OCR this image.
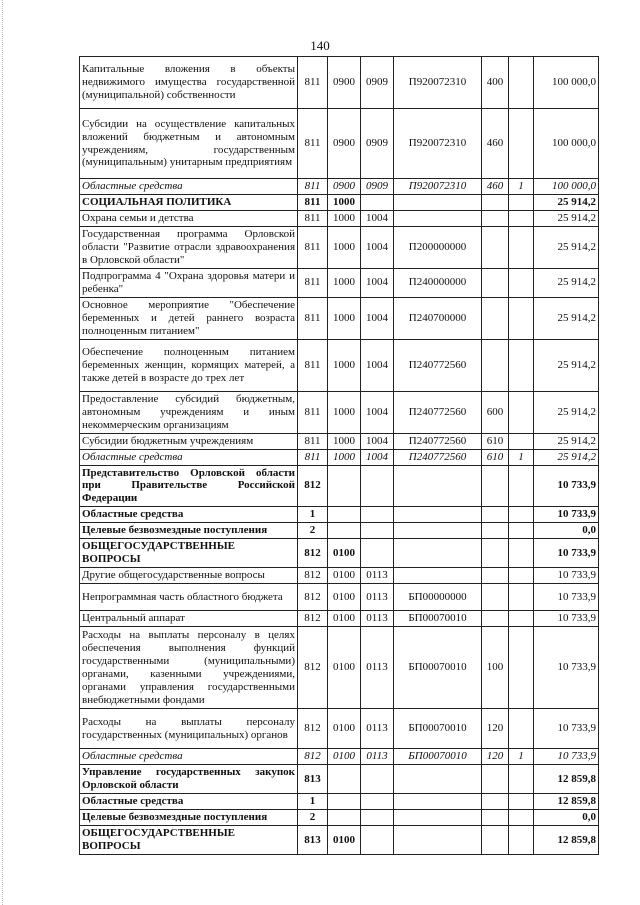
140
Капитальные вложения в объекты недвижимого имущества государственной (муниципальной) собственности	811	0900	0909	П920072310	400		100 000,0
Субсидии на осуществление капитальных вложений бюджетным и автономным учреждениям, государственным (муниципальным) унитарным предприятиям	811	0900	0909	П920072310	460		100 000,0
Областные средства	811	0900	0909	П920072310	460	1	100 000,0
СОЦИАЛЬНАЯ ПОЛИТИКА	811	1000					25 914,2
Охрана семьи и детства	811	1000	1004				25 914,2
Государственная программа Орловской области "Развитие отрасли здравоохранения в Орловской области"	811	1000	1004	П200000000			25 914,2
Подпрограмма 4 "Охрана здоровья матери и ребенка"	811	1000	1004	П240000000			25 914,2
Основное мероприятие "Обеспечение беременных и детей раннего возраста полноценным питанием"	811	1000	1004	П240700000			25 914,2
Обеспечение полноценным питанием беременных женщин, кормящих матерей, а также детей в возрасте до трех лет	811	1000	1004	П240772560			25 914,2
Предоставление субсидий бюджетным, автономным учреждениям и иным некоммерческим организациям	811	1000	1004	П240772560	600		25 914,2
Субсидии бюджетным учреждениям	811	1000	1004	П240772560	610		25 914,2
Областные средства	811	1000	1004	П240772560	610	1	25 914,2
Представительство Орловской области при Правительстве Российской Федерации	812						10 733,9
Областные средства	1						10 733,9
Целевые безвозмездные поступления	2						0,0
ОБЩЕГОСУДАРСТВЕННЫЕ ВОПРОСЫ	812	0100					10 733,9
Другие общегосударственные вопросы	812	0100	0113				10 733,9
Непрограммная часть областного бюджета	812	0100	0113	БП00000000			10 733,9
Центральный аппарат	812	0100	0113	БП00070010			10 733,9
Расходы на выплаты персоналу в целях обеспечения выполнения функций государственными (муниципальными) органами, казенными учреждениями, органами управления государственными внебюджетными фондами	812	0100	0113	БП00070010	100		10 733,9
Расходы на выплаты персоналу государственных (муниципальных) органов	812	0100	0113	БП00070010	120		10 733,9
Областные средства	812	0100	0113	БП00070010	120	1	10 733,9
Управление государственных закупок Орловской области	813						12 859,8
Областные средства	1						12 859,8
Целевые безвозмездные поступления	2						0,0
ОБЩЕГОСУДАРСТВЕННЫЕ ВОПРОСЫ	813	0100					12 859,8
